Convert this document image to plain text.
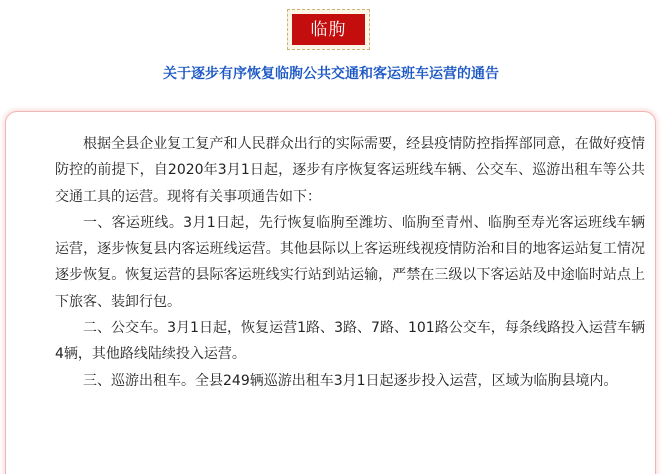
临朐
关于逐步有序恢复临朐公共交通和客运班车运营的通告

根据全县企业复工复产和人民群众出行的实际需要，经县疫情防控指挥部同意，在做好疫情防控的前提下，自2020年3月1日起，逐步有序恢复客运班线车辆、公交车、巡游出租车等公共交通工具的运营。现将有关事项通告如下：

一、客运班线。3月1日起，先行恢复临朐至潍坊、临朐至青州、临朐至寿光客运班线车辆运营，逐步恢复县内客运班线运营。其他县际以上客运班线视疫情防治和目的地客运站复工情况逐步恢复。恢复运营的县际客运班线实行站到站运输，严禁在三级以下客运站及中途临时站点上下旅客、装卸行包。

二、公交车。3月1日起，恢复运营1路、3路、7路、101路公交车，每条线路投入运营车辆4辆，其他路线陆续投入运营。

三、巡游出租车。全县249辆巡游出租车3月1日起逐步投入运营，区域为临朐县境内。
